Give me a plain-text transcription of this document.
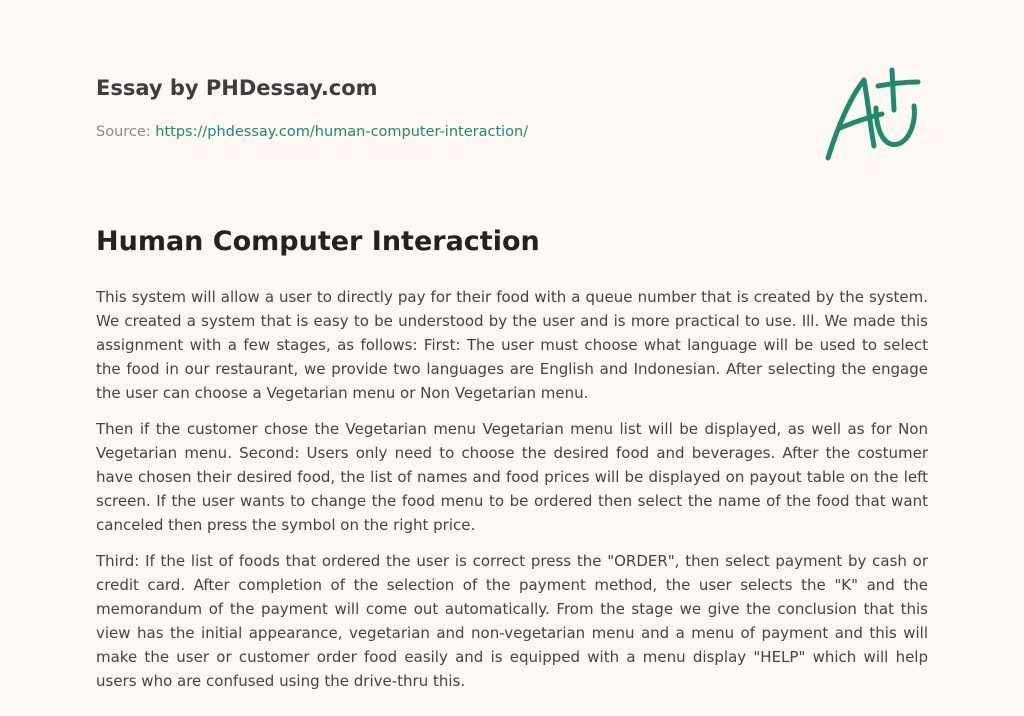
Essay by PHDessay.com
Source: https://phdessay.com/human-computer-interaction/
Human Computer Interaction

This system will allow a user to directly pay for their food with a queue number that is created by the system. We created a system that is easy to be understood by the user and is more practical to use. Ill. We made this assignment with a few stages, as follows: First: The user must choose what language will be used to select the food in our restaurant, we provide two languages are English and Indonesian. After selecting the engage the user can choose a Vegetarian menu or Non Vegetarian menu.

Then if the customer chose the Vegetarian menu Vegetarian menu list will be displayed, as well as for Non Vegetarian menu. Second: Users only need to choose the desired food and beverages. After the costumer have chosen their desired food, the list of names and food prices will be displayed on payout table on the left screen. If the user wants to change the food menu to be ordered then select the name of the food that want canceled then press the symbol on the right price.

Third: If the list of foods that ordered the user is correct press the "ORDER", then select payment by cash or credit card. After completion of the selection of the payment method, the user selects the "K" and the memorandum of the payment will come out automatically. From the stage we give the conclusion that this view has the initial appearance, vegetarian and non-vegetarian menu and a menu of payment and this will make the user or customer order food easily and is equipped with a menu display "HELP" which will help users who are confused using the drive-thru this.
